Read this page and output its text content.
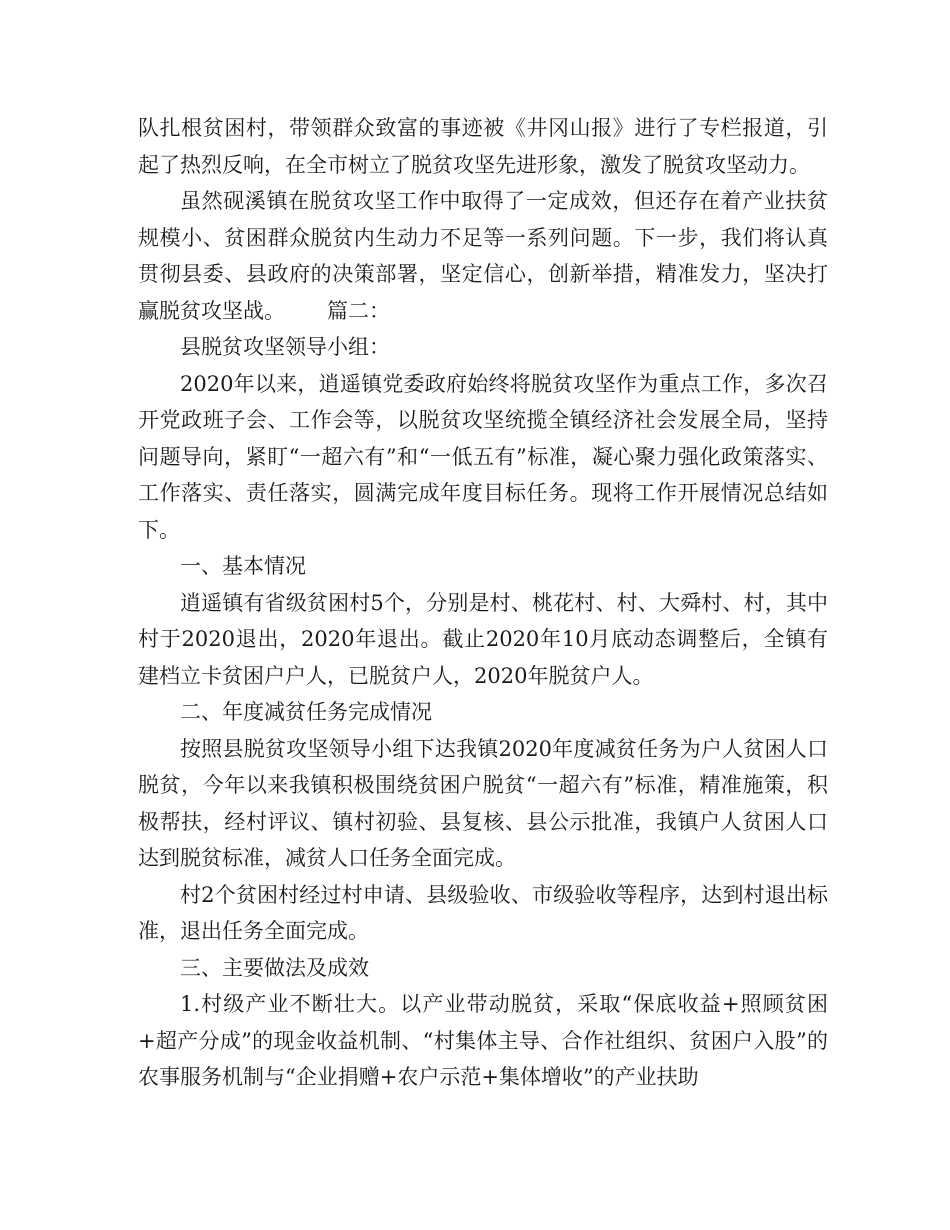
队扎根贫困村，带领群众致富的事迹被《井冈山报》进行了专栏报道，引起了热烈反响，在全市树立了脱贫攻坚先进形象，激发了脱贫攻坚动力。

虽然砚溪镇在脱贫攻坚工作中取得了一定成效，但还存在着产业扶贫规模小、贫困群众脱贫内生动力不足等一系列问题。下一步，我们将认真贯彻县委、县政府的决策部署，坚定信心，创新举措，精准发力，坚决打赢脱贫攻坚战。 篇二：

县脱贫攻坚领导小组：

2020年以来，逍遥镇党委政府始终将脱贫攻坚作为重点工作，多次召开党政班子会、工作会等，以脱贫攻坚统揽全镇经济社会发展全局，坚持问题导向，紧盯“一超六有”和“一低五有”标准，凝心聚力强化政策落实、工作落实、责任落实，圆满完成年度目标任务。现将工作开展情况总结如下。

一、基本情况

逍遥镇有省级贫困村5个，分别是村、桃花村、村、大舜村、村，其中村于2020退出，2020年退出。截止2020年10月底动态调整后，全镇有建档立卡贫困户户人，已脱贫户人，2020年脱贫户人。

二、年度减贫任务完成情况

按照县脱贫攻坚领导小组下达我镇2020年度减贫任务为户人贫困人口脱贫，今年以来我镇积极围绕贫困户脱贫“一超六有”标准，精准施策，积极帮扶，经村评议、镇村初验、县复核、县公示批准，我镇户人贫困人口达到脱贫标准，减贫人口任务全面完成。

村2个贫困村经过村申请、县级验收、市级验收等程序，达到村退出标准，退出任务全面完成。

三、主要做法及成效

1.村级产业不断壮大。以产业带动脱贫，采取“保底收益+照顾贫困+超产分成”的现金收益机制、“村集体主导、合作社组织、贫困户入股”的农事服务机制与“企业捐赠+农户示范+集体增收”的产业扶助
